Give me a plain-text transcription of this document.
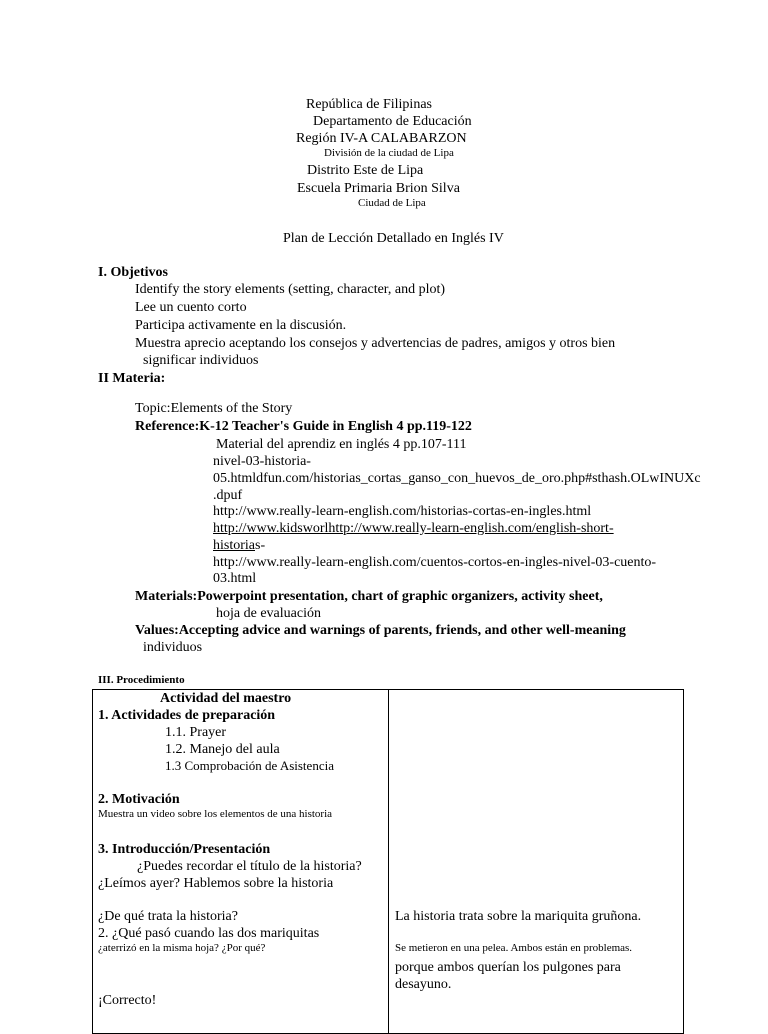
República de Filipinas
Departamento de Educación
Región IV-A CALABARZON
División de la ciudad de Lipa
Distrito Este de Lipa
Escuela Primaria Brion Silva
Ciudad de Lipa
Plan de Lección Detallado en Inglés IV
I. Objetivos
Identify the story elements (setting, character, and plot)
Lee un cuento corto
Participa activamente en la discusión.
Muestra aprecio aceptando los consejos y advertencias de padres, amigos y otros bien
significar individuos
II Materia:
Topic:Elements of the Story
Reference:K-12 Teacher's Guide in English 4 pp.119-122
Material del aprendiz en inglés 4 pp.107-111
nivel-03-historia-
05.htmldfun.com/historias_cortas_ganso_con_huevos_de_oro.php#sthash.OLwINUXc
.dpuf
http://www.really-learn-english.com/historias-cortas-en-ingles.html
http://www.kidsworlhttp://www.really-learn-english.com/english-short-
historias-
http://www.really-learn-english.com/cuentos-cortos-en-ingles-nivel-03-cuento-
03.html
Materials:Powerpoint presentation, chart of graphic organizers, activity sheet,
hoja de evaluación
Values:Accepting advice and warnings of parents, friends, and other well-meaning
individuos
III. Procedimiento
Actividad del maestro
1. Actividades de preparación
1.1. Prayer
1.2. Manejo del aula
1.3 Comprobación de Asistencia
2. Motivación
Muestra un video sobre los elementos de una historia
3. Introducción/Presentación
¿Puedes recordar el título de la historia?
¿Leímos ayer? Hablemos sobre la historia
¿De qué trata la historia?
2. ¿Qué pasó cuando las dos mariquitas
¿aterrizó en la misma hoja? ¿Por qué?
¡Correcto!
La historia trata sobre la mariquita gruñona.
Se metieron en una pelea. Ambos están en problemas.
porque ambos querían los pulgones para
desayuno.
